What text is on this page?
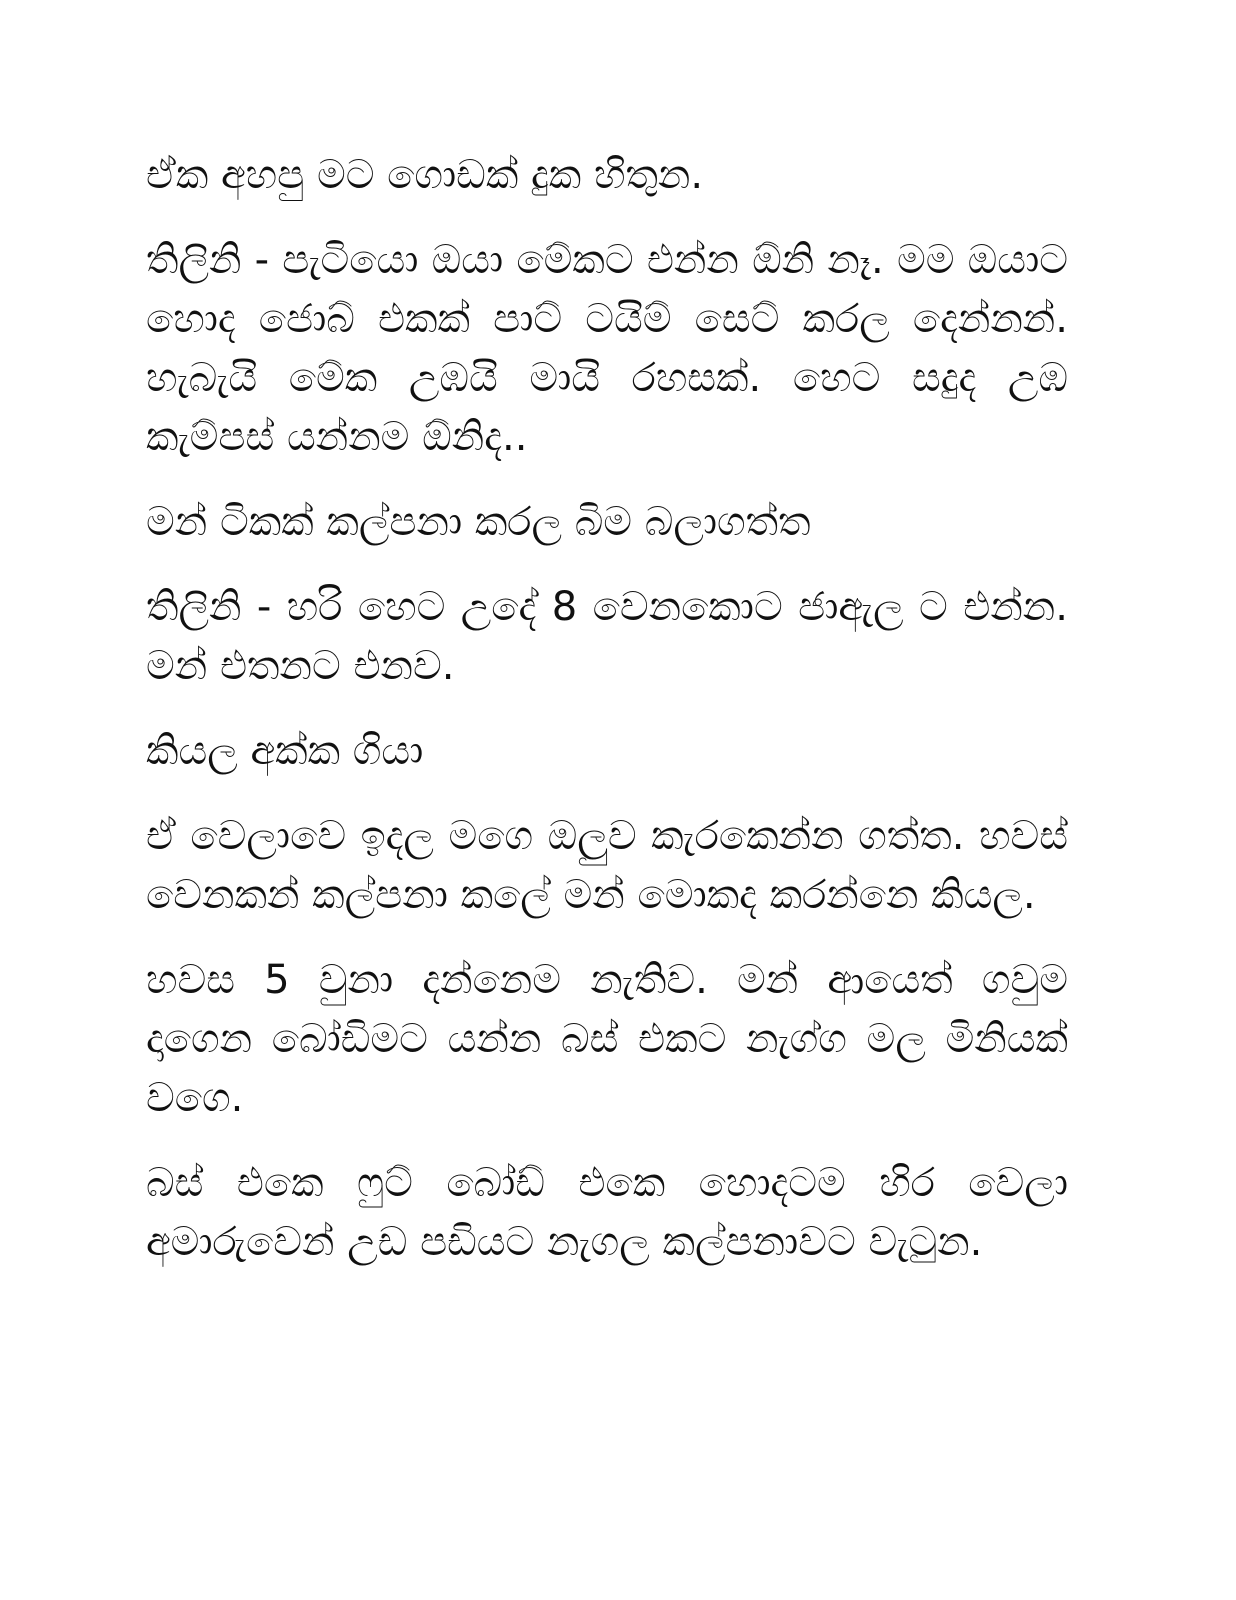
ඒක අහපු මට ගොඩක් දුක හිතුන.

තිලිනි - පැටියො ඔයා මේකට එන්න ඕනි නෑ. මම ඔයාට හොද ජොබ් එකක් පාට් ටයිම් සෙට් කරල දෙන්නන්. හැබැයි මේක උඹයි මායි රහසක්. හෙට සදුද උඹ කැම්පස් යන්නම ඕනිද..

මන් ටිකක් කල්පනා කරල බිම බලාගත්ත

තිලිනි - හරි හෙට උදේ 8 වෙනකොට ජාඇල ට එන්න. මන් එතනට එනව.

කියල අක්ක ගියා

ඒ වෙලාවෙ ඉදල මගෙ ඔලුව කැරකෙන්න ගත්ත. හවස් වෙනකන් කල්පනා කලේ මන් මොකද කරන්නෙ කියල.

හවස 5 වුනා දන්නෙම නැතිව. මන් ආයෙත් ගවුම දාගෙන බෝඩිමට යන්න බස් එකට නැග්ග මල මිනියක් වගෙ.

බස් එකෙ ෆුට් බෝඩ් එකෙ හොදටම හිර වෙලා අමාරුවෙන් උඩ පඩියට නැගල කල්පනාවට වැටුන.
